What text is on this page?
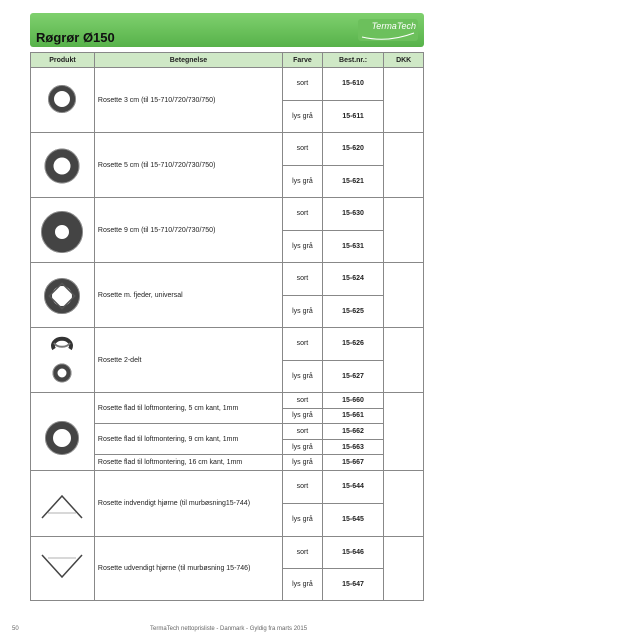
Røgrør Ø150
TermaTech
Produkt	Betegnelse	Farve	Best.nr.:	DKK
	Rosette 3 cm (til 15-710/720/730/750)	sort	15-610	
		lys grå	15-611	
	Rosette 5 cm (til 15-710/720/730/750)	sort	15-620	
		lys grå	15-621	
	Rosette 9 cm (til 15-710/720/730/750)	sort	15-630	
		lys grå	15-631	
	Rosette m. fjeder, universal	sort	15-624	
		lys grå	15-625	
	Rosette 2-delt	sort	15-626	
		lys grå	15-627	
	Rosette flad til loftmontering, 5 cm kant, 1mm	sort	15-660	
		lys grå	15-661	
	Rosette flad til loftmontering, 9 cm kant, 1mm	sort	15-662	
		lys grå	15-663	
	Rosette flad til loftmontering, 16 cm kant, 1mm	lys grå	15-667	
	Rosette indvendigt hjørne (til murbøsning15-744)	sort	15-644	
		lys grå	15-645	
	Rosette udvendigt hjørne (til murbøsning 15-746)	sort	15-646	
		lys grå	15-647	
50	TermaTech nettoprisliste - Danmark - Gyldig fra marts 2015
